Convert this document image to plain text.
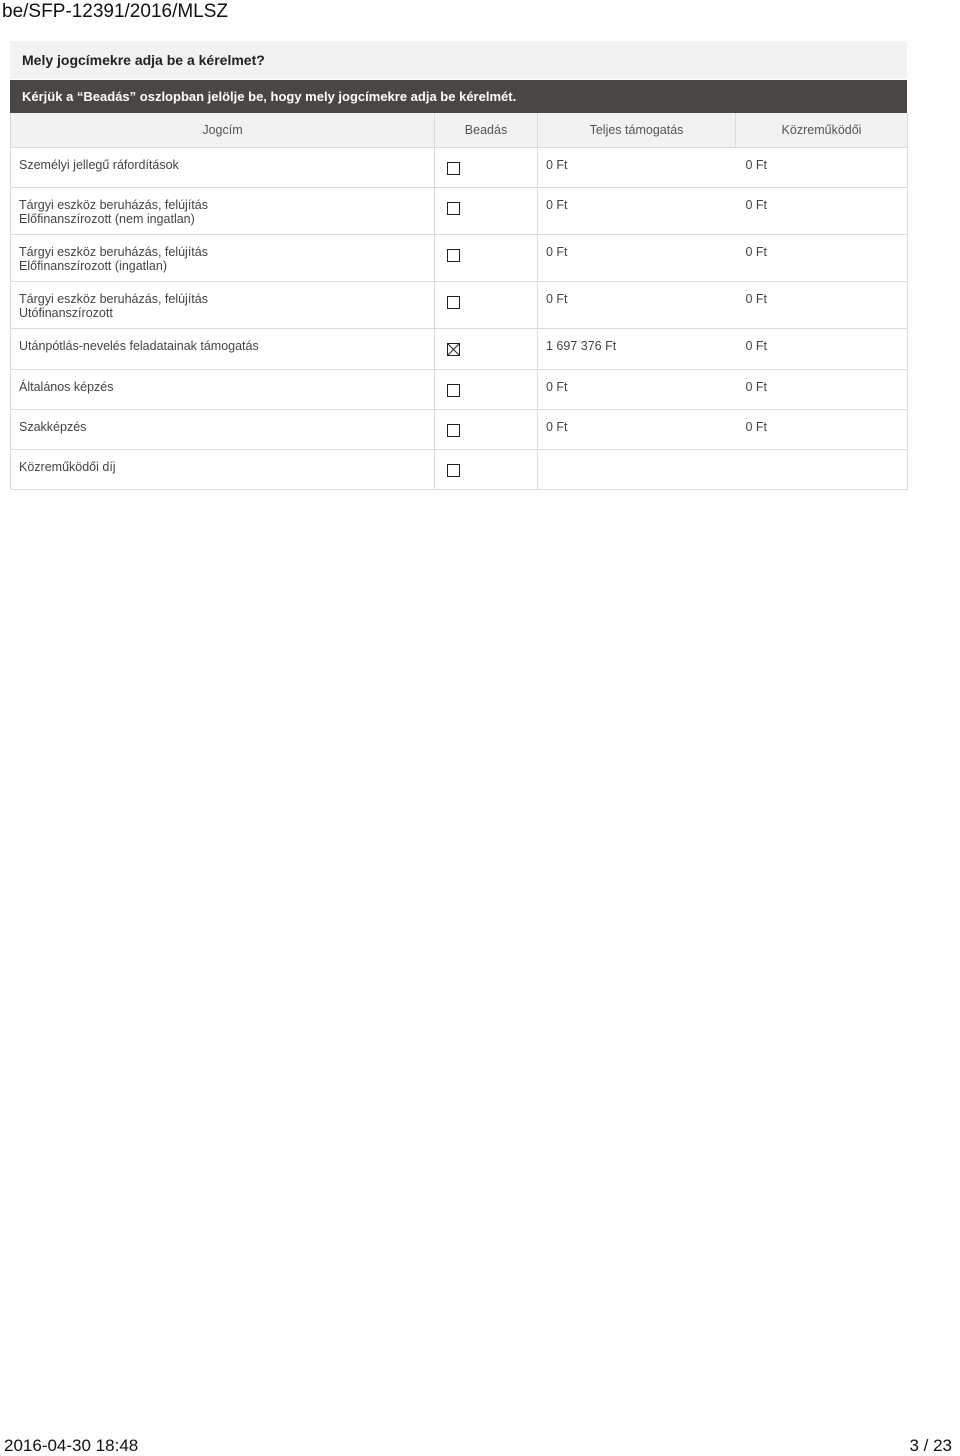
be/SFP-12391/2016/MLSZ
Mely jogcímekre adja be a kérelmet?
Kérjük a “Beadás” oszlopban jelölje be, hogy mely jogcímekre adja be kérelmét.
Jogcím	Beadás	Teljes támogatás	Közreműködői

Személyi jellegű ráfordítások		0 Ft	0 Ft

Tárgyi eszköz beruházás, felújítás
Előfinanszírozott (nem ingatlan)		0 Ft	0 Ft

Tárgyi eszköz beruházás, felújítás
Előfinanszírozott (ingatlan)		0 Ft	0 Ft

Tárgyi eszköz beruházás, felújítás
Utófinanszírozott		0 Ft	0 Ft

Utánpótlás-nevelés feladatainak támogatás		1 697 376 Ft	0 Ft

Általános képzés		0 Ft	0 Ft

Szakképzés		0 Ft	0 Ft

Közreműködői díj			

2016-04-30 18:48	3 / 23
